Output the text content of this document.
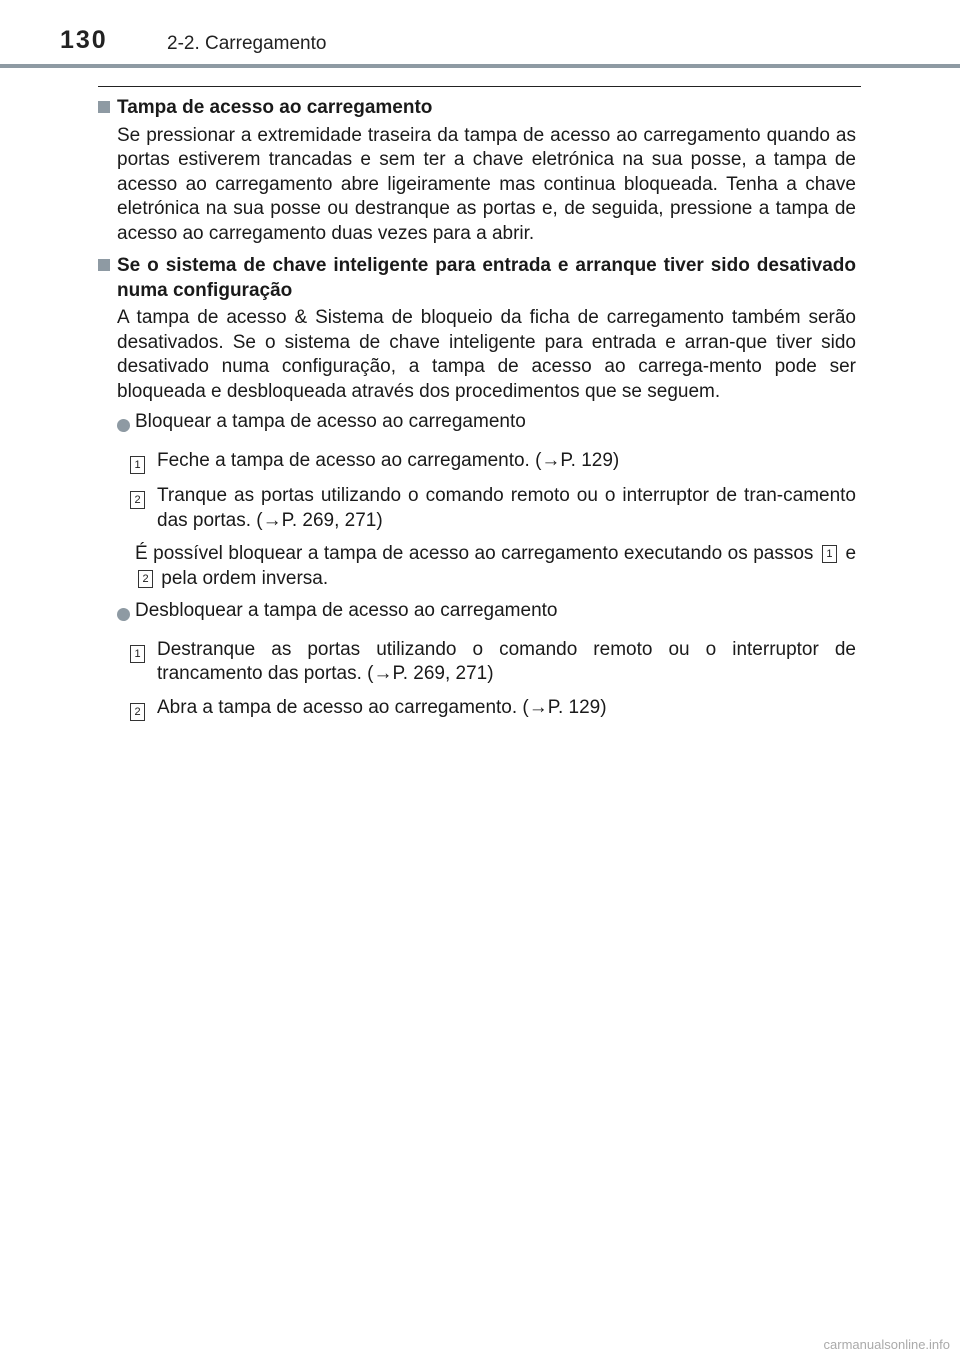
130	2-2. Carregamento
Tampa de acesso ao carregamento
Se pressionar a extremidade traseira da tampa de acesso ao carregamento quando as portas estiverem trancadas e sem ter a chave eletrónica na sua posse, a tampa de acesso ao carregamento abre ligeiramente mas continua bloqueada. Tenha a chave eletrónica na sua posse ou destranque as portas e, de seguida, pressione a tampa de acesso ao carregamento duas vezes para a abrir.
Se o sistema de chave inteligente para entrada e arranque tiver sido desativado numa configuração
A tampa de acesso & Sistema de bloqueio da ficha de carregamento também serão desativados. Se o sistema de chave inteligente para entrada e arran-que tiver sido desativado numa configuração, a tampa de acesso ao carrega-mento pode ser bloqueada e desbloqueada através dos procedimentos que se seguem.
Bloquear a tampa de acesso ao carregamento
1 Feche a tampa de acesso ao carregamento. (→P. 129)
2 Tranque as portas utilizando o comando remoto ou o interruptor de tran-camento das portas. (→P. 269, 271)
É possível bloquear a tampa de acesso ao carregamento executando os passos 1 e 2 pela ordem inversa.
Desbloquear a tampa de acesso ao carregamento
1 Destranque as portas utilizando o comando remoto ou o interruptor de trancamento das portas. (→P. 269, 271)
2 Abra a tampa de acesso ao carregamento. (→P. 129)
carmanualsonline.info
